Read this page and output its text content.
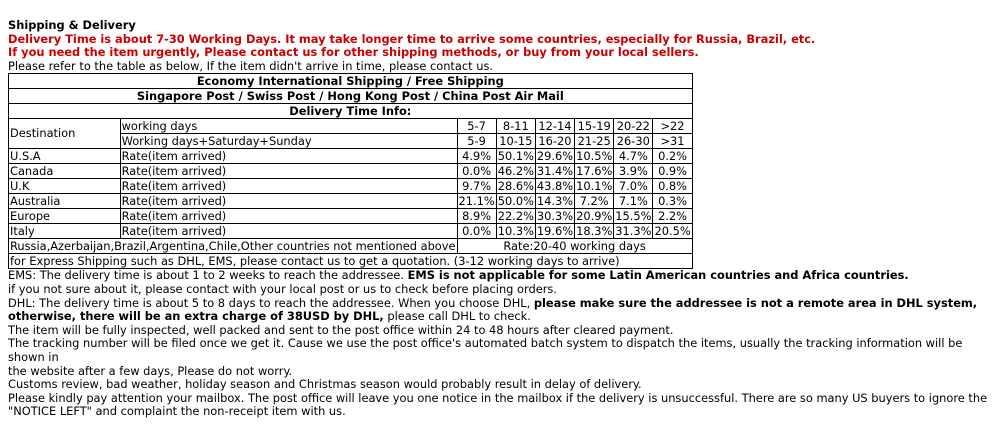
Shipping & Delivery
Delivery Time is about 7-30 Working Days. It may take longer time to arrive some countries, especially for Russia, Brazil, etc.
If you need the item urgently, Please contact us for other shipping methods, or buy from your local sellers.
Please refer to the table as below, If the item didn't arrive in time, please contact us.
Economy International Shipping / Free Shipping							
Singapore Post / Swiss Post / Hong Kong Post / China Post Air Mail							
Delivery Time Info:							
Destination	working days	5-7	8-11	12-14	15-19	20-22	>22
	Working days+Saturday+Sunday	5-9	10-15	16-20	21-25	26-30	>31
U.S.A	Rate(item arrived)	4.9%	50.1%	29.6%	10.5%	4.7%	0.2%
Canada	Rate(item arrived)	0.0%	46.2%	31.4%	17.6%	3.9%	0.9%
U.K	Rate(item arrived)	9.7%	28.6%	43.8%	10.1%	7.0%	0.8%
Australia	Rate(item arrived)	21.1%	50.0%	14.3%	7.2%	7.1%	0.3%
Europe	Rate(item arrived)	8.9%	22.2%	30.3%	20.9%	15.5%	2.2%
Italy	Rate(item arrived)	0.0%	10.3%	19.6%	18.3%	31.3%	20.5%
Russia,Azerbaijan,Brazil,Argentina,Chile,Other countries not mentioned above		Rate:20-40 working days					
for Express Shipping such as DHL, EMS, please contact us to get a quotation. (3-12 working days to arrive)							
EMS: The delivery time is about 1 to 2 weeks to reach the addressee. EMS is not applicable for some Latin American countries and Africa countries.
if you not sure about it, please contact with your local post or us to check before placing orders.
DHL: The delivery time is about 5 to 8 days to reach the addressee. When you choose DHL, please make sure the addressee is not a remote area in DHL system,
otherwise, there will be an extra charge of 38USD by DHL, please call DHL to check.
The item will be fully inspected, well packed and sent to the post office within 24 to 48 hours after cleared payment.
The tracking number will be filed once we get it. Cause we use the post office's automated batch system to dispatch the items, usually the tracking information will be shown in
the website after a few days, Please do not worry.
Customs review, bad weather, holiday season and Christmas season would probably result in delay of delivery.
Please kindly pay attention your mailbox. The post office will leave you one notice in the mailbox if the delivery is unsuccessful. There are so many US buyers to ignore the
"NOTICE LEFT" and complaint the non-receipt item with us.
